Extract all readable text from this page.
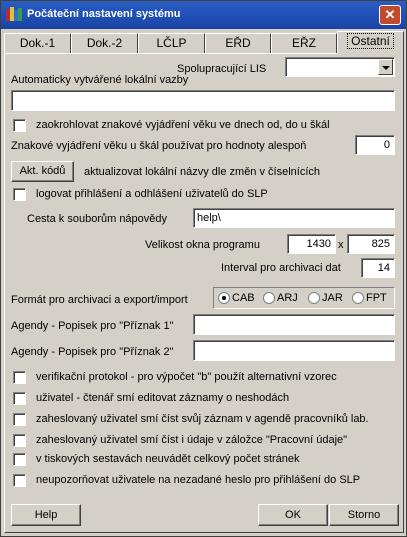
Počáteční nastavení systému	✕
Dok.-1	Dok.-2	LČLP	EŘD	EŘZ	Ostatní
Spolupracující LIS
Automaticky vytvářené lokální vazby
zaokrohlovat znakové vyjádření věku ve dnech od, do u škál
Znakové vyjádření věku u škál používat pro hodnoty alespoň	0
Akt. kódů	aktualizovat lokální názvy dle změn v číselnících
logovat přihlášení a odhlášení uživatelů do SLP
Cesta k souborům nápovědy	help\
Velikost okna programu	1430 x	825
Interval pro archivaci dat	14
Formát pro archivaci a export/import	CAB ARJ JAR FPT
Agendy - Popisek pro "Příznak 1"
Agendy - Popisek pro "Příznak 2"
verifikační protokol - pro výpočet "b" použít alternativní vzorec
uživatel - čtenář smí editovat záznamy o neshodách
zaheslovaný uživatel smí číst svůj záznam v agendě pracovníků lab.
zaheslovaný uživatel smí číst i údaje v záložce "Pracovní údaje"
v tiskových sestavách neuvádět celkový počet stránek
neupozorňovat uživatele na nezadané heslo pro přihlášení do SLP
Help	OK	Storno
